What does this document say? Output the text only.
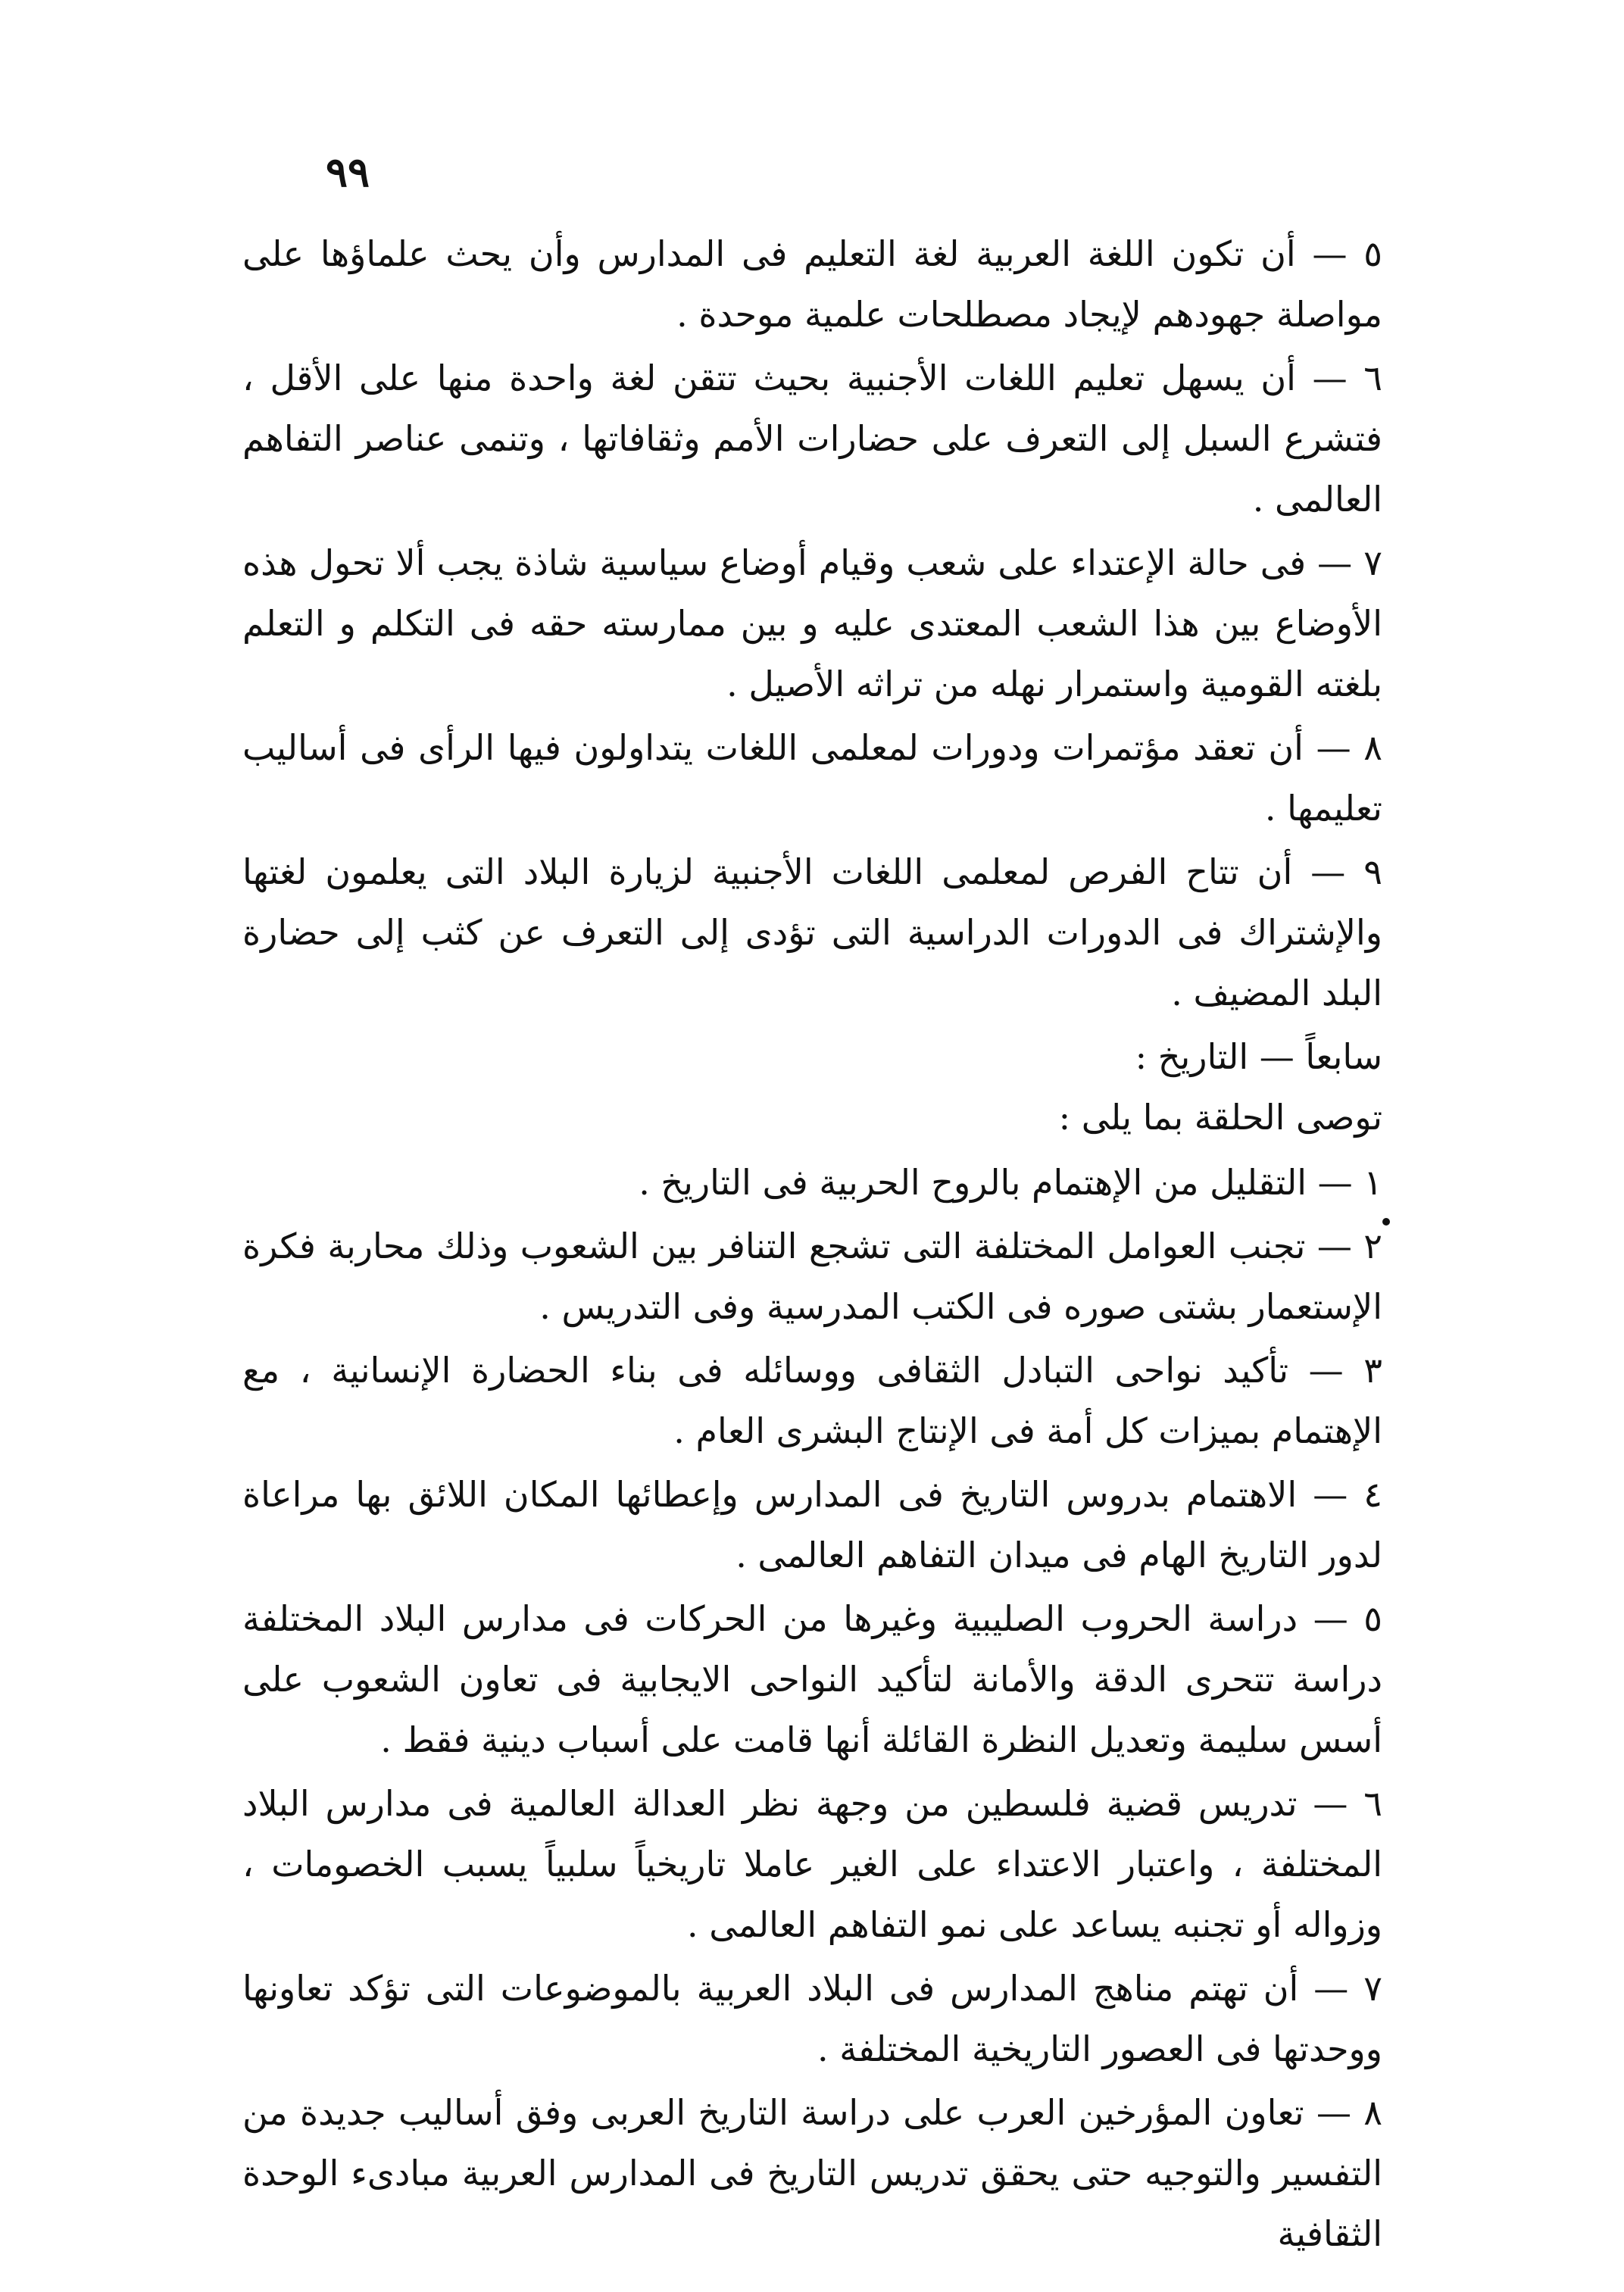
٩٩

٥ — أن تكون اللغة العربية لغة التعليم فى المدارس وأن يحث علماؤها على مواصلة جهودهم لإيجاد مصطلحات علمية موحدة .

٦ — أن يسهل تعليم اللغات الأجنبية بحيث تتقن لغة واحدة منها على الأقل ، فتشرع السبل إلى التعرف على حضارات الأمم وثقافاتها ، وتنمى عناصر التفاهم العالمى .

٧ — فى حالة الإعتداء على شعب وقيام أوضاع سياسية شاذة يجب ألا تحول هذه الأوضاع بين هذا الشعب المعتدى عليه و بين ممارسته حقه فى التكلم و التعلم بلغته القومية واستمرار نهله من تراثه الأصيل .

٨ — أن تعقد مؤتمرات ودورات لمعلمى اللغات يتداولون فيها الرأى فى أساليب تعليمها .

٩ — أن تتاح الفرص لمعلمى اللغات الأجنبية لزيارة البلاد التى يعلمون لغتها والإشتراك فى الدورات الدراسية التى تؤدى إلى التعرف عن كثب إلى حضارة البلد المضيف .

سابعاً — التاريخ :

توصى الحلقة بما يلى :

١ — التقليل من الإهتمام بالروح الحربية فى التاريخ .

٢ — تجنب العوامل المختلفة التى تشجع التنافر بين الشعوب وذلك محاربة فكرة الإستعمار بشتى صوره فى الكتب المدرسية وفى التدريس .

٣ — تأكيد نواحى التبادل الثقافى ووسائله فى بناء الحضارة الإنسانية ، مع الإهتمام بميزات كل أمة فى الإنتاج البشرى العام .

٤ — الاهتمام بدروس التاريخ فى المدارس وإعطائها المكان اللائق بها مراعاة لدور التاريخ الهام فى ميدان التفاهم العالمى .

٥ — دراسة الحروب الصليبية وغيرها من الحركات فى مدارس البلاد المختلفة دراسة تتحرى الدقة والأمانة لتأكيد النواحى الايجابية فى تعاون الشعوب على أسس سليمة وتعديل النظرة القائلة أنها قامت على أسباب دينية فقط .

٦ — تدريس قضية فلسطين من وجهة نظر العدالة العالمية فى مدارس البلاد المختلفة ، واعتبار الاعتداء على الغير عاملا تاريخياً سلبياً يسبب الخصومات ، وزواله أو تجنبه يساعد على نمو التفاهم العالمى .

٧ — أن تهتم مناهج المدارس فى البلاد العربية بالموضوعات التى تؤكد تعاونها ووحدتها فى العصور التاريخية المختلفة .

٨ — تعاون المؤرخين العرب على دراسة التاريخ العربى وفق أساليب جديدة من التفسير والتوجيه حتى يحقق تدريس التاريخ فى المدارس العربية مبادىء الوحدة الثقافية
